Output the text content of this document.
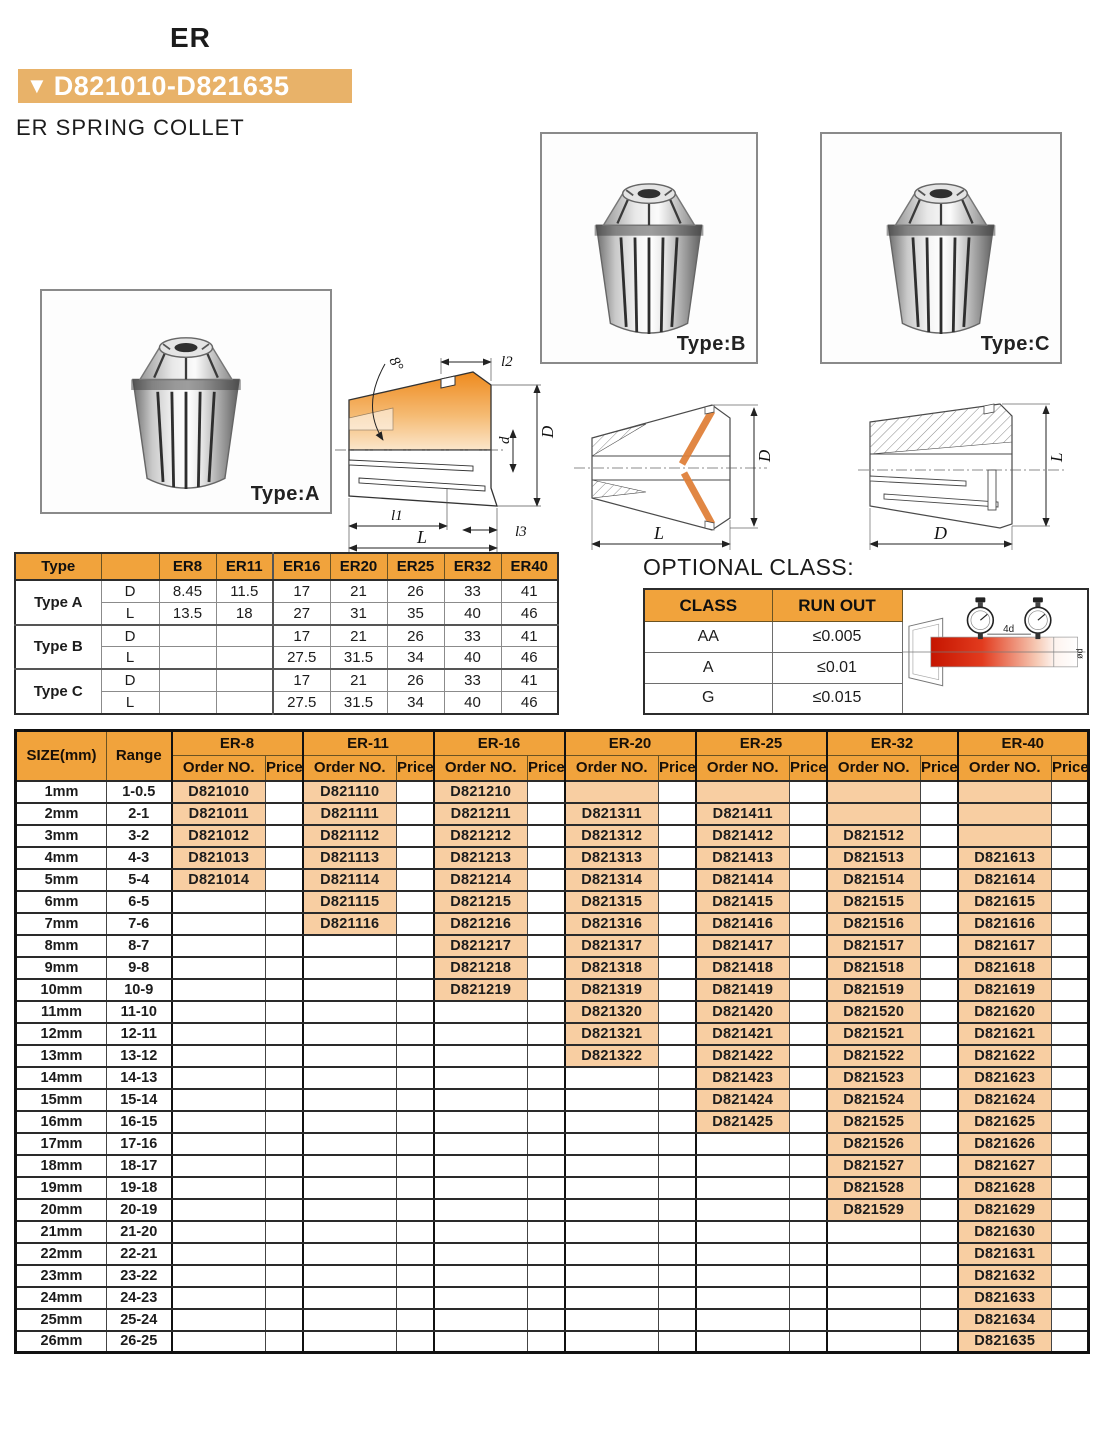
ER
▼ D821010-D821635
ER SPRING COLLET
Type:B	Type:C
Type:A
8°	l2
d
D
l1
l3
L	L
D
D
L
Type		ER8	ER11	ER16	ER20	ER25	ER32	ER40
Type A	D	8.45	11.5	17	21	26	33	41
	L	13.5	18	27	31	35	40	46
Type B	D			17	21	26	33	41
	L			27.5	31.5	34	40	46
Type C	D			17	21	26	33	41
	L			27.5	31.5	34	40	46
OPTIONAL CLASS:
CLASS	RUN OUT	4d
ød

AA	≤0.005	
A	≤0.01	
G	≤0.015	
SIZE(mm)	Range	ER-8		ER-11		ER-16		ER-20		ER-25		ER-32		ER-40	
		Order NO.	Price	Order NO.	Price	Order NO.	Price	Order NO.	Price	Order NO.	Price	Order NO.	Price	Order NO.	Price
1mm	1-0.5	D821010		D821110		D821210									
2mm	2-1	D821011		D821111		D821211		D821311		D821411					
3mm	3-2	D821012		D821112		D821212		D821312		D821412		D821512			
4mm	4-3	D821013		D821113		D821213		D821313		D821413		D821513		D821613	
5mm	5-4	D821014		D821114		D821214		D821314		D821414		D821514		D821614	
6mm	6-5			D821115		D821215		D821315		D821415		D821515		D821615	
7mm	7-6			D821116		D821216		D821316		D821416		D821516		D821616	
8mm	8-7					D821217		D821317		D821417		D821517		D821617	
9mm	9-8					D821218		D821318		D821418		D821518		D821618	
10mm	10-9					D821219		D821319		D821419		D821519		D821619	
11mm	11-10							D821320		D821420		D821520		D821620	
12mm	12-11							D821321		D821421		D821521		D821621	
13mm	13-12							D821322		D821422		D821522		D821622	
14mm	14-13									D821423		D821523		D821623	
15mm	15-14									D821424		D821524		D821624	
16mm	16-15									D821425		D821525		D821625	
17mm	17-16											D821526		D821626	
18mm	18-17											D821527		D821627	
19mm	19-18											D821528		D821628	
20mm	20-19											D821529		D821629	
21mm	21-20													D821630	
22mm	22-21													D821631	
23mm	23-22													D821632	
24mm	24-23													D821633	
25mm	25-24													D821634	
26mm	26-25													D821635	
